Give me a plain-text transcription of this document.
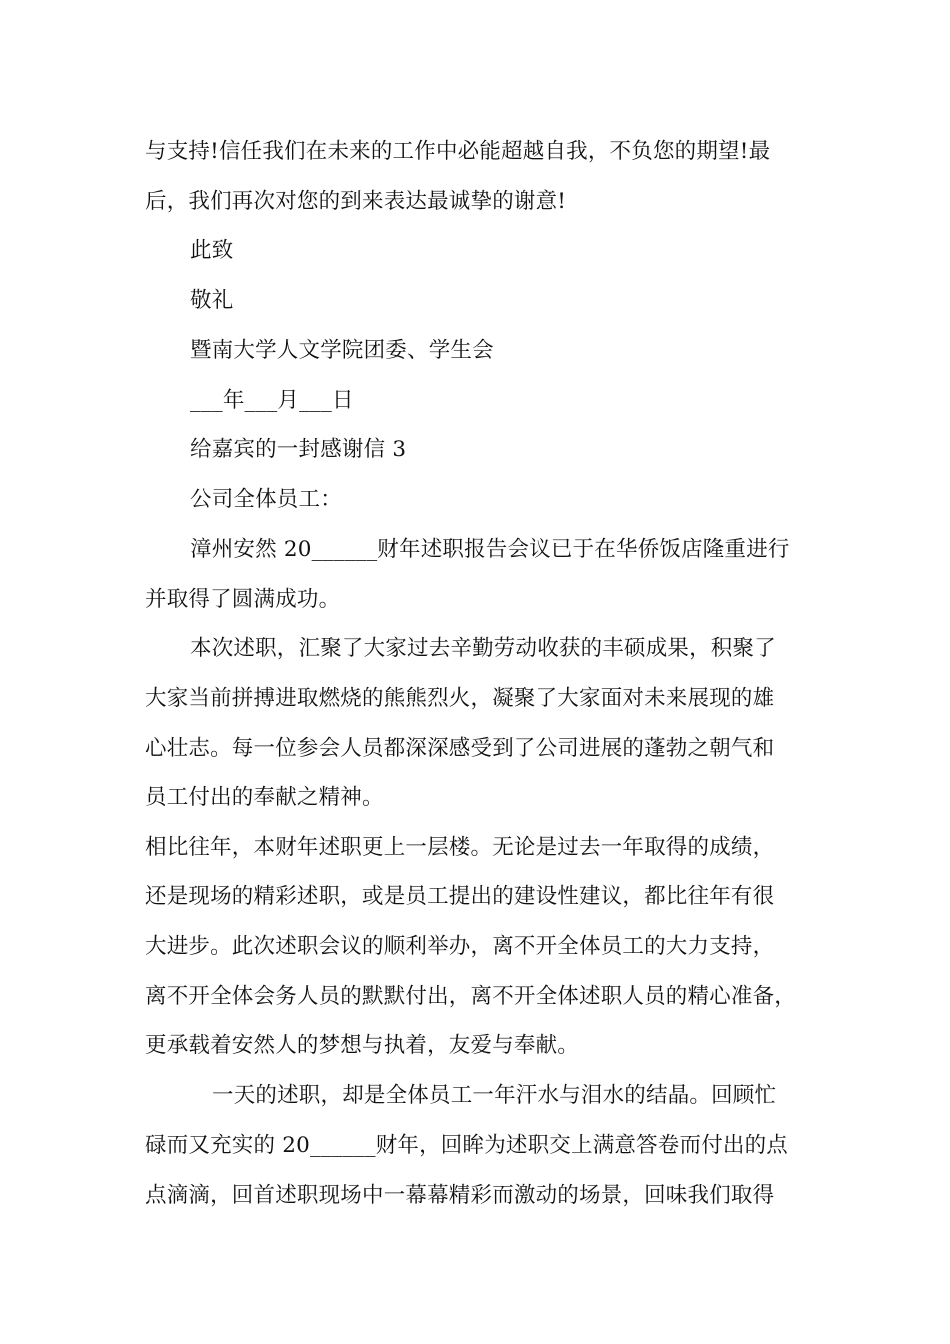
与支持!信任我们在未来的工作中必能超越自我，不负您的期望!最
后，我们再次对您的到来表达最诚挚的谢意!
此致
敬礼
暨南大学人文学院团委、学生会
___年___月___日
给嘉宾的一封感谢信 3
公司全体员工：
漳州安然 20______财年述职报告会议已于在华侨饭店隆重进行
并取得了圆满成功。
本次述职，汇聚了大家过去辛勤劳动收获的丰硕成果，积聚了
大家当前拼搏进取燃烧的熊熊烈火，凝聚了大家面对未来展现的雄
心壮志。每一位参会人员都深深感受到了公司进展的蓬勃之朝气和
员工付出的奉献之精神。
相比往年，本财年述职更上一层楼。无论是过去一年取得的成绩，
还是现场的精彩述职，或是员工提出的建设性建议，都比往年有很
大进步。此次述职会议的顺利举办，离不开全体员工的大力支持，
离不开全体会务人员的默默付出，离不开全体述职人员的精心准备，
更承载着安然人的梦想与执着，友爱与奉献。
一天的述职，却是全体员工一年汗水与泪水的结晶。回顾忙
碌而又充实的 20______财年，回眸为述职交上满意答卷而付出的点
点滴滴，回首述职现场中一幕幕精彩而激动的场景，回味我们取得
